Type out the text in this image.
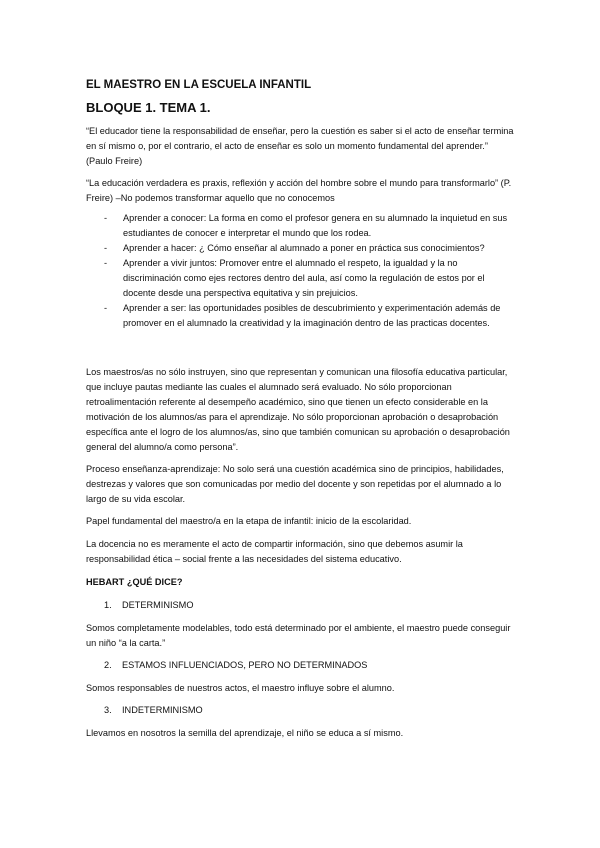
EL MAESTRO EN LA ESCUELA INFANTIL
BLOQUE 1. TEMA 1.

“El educador tiene la responsabilidad de enseñar, pero la cuestión es saber si el acto de enseñar termina en sí mismo o, por el contrario, el acto de enseñar es solo un momento fundamental del aprender.” (Paulo Freire)

“La educación verdadera es praxis, reflexión y acción del hombre sobre el mundo para transformarlo” (P. Freire) –No podemos transformar aquello que no conocemos

- Aprender a conocer: La forma en como el profesor genera en su alumnado la inquietud en sus estudiantes de conocer e interpretar el mundo que los rodea.
- Aprender a hacer: ¿ Cómo enseñar al alumnado a poner en práctica sus conocimientos?
- Aprender a vivir juntos: Promover entre el alumnado el respeto, la igualdad y la no discriminación como ejes rectores dentro del aula, así como la regulación de estos por el docente desde una perspectiva equitativa y sin prejuicios.
- Aprender a ser: las oportunidades posibles de descubrimiento y experimentación además de promover en el alumnado la creatividad y la imaginación dentro de las practicas docentes.

Los maestros/as no sólo instruyen, sino que representan y comunican una filosofía educativa particular, que incluye pautas mediante las cuales el alumnado será evaluado. No sólo proporcionan retroalimentación referente al desempeño académico, sino que tienen un efecto considerable en la motivación de los alumnos/as para el aprendizaje. No sólo proporcionan aprobación o desaprobación específica ante el logro de los alumnos/as, sino que también comunican su aprobación o desaprobación general del alumno/a como persona”.

Proceso enseñanza-aprendizaje: No solo será una cuestión académica sino de principios, habilidades, destrezas y valores que son comunicadas por medio del docente y son repetidas por el alumnado a lo largo de su vida escolar.

Papel fundamental del maestro/a en la etapa de infantil: inicio de la escolaridad.

La docencia no es meramente el acto de compartir información, sino que debemos asumir la responsabilidad ética – social frente a las necesidades del sistema educativo.

HEBART ¿QUÉ DICE?
1. DETERMINISMO

Somos completamente modelables, todo está determinado por el ambiente, el maestro puede conseguir un niño “a la carta.”

2. ESTAMOS INFLUENCIADOS, PERO NO DETERMINADOS

Somos responsables de nuestros actos, el maestro influye sobre el alumno.

3. INDETERMINISMO

Llevamos en nosotros la semilla del aprendizaje, el niño se educa a sí mismo.
